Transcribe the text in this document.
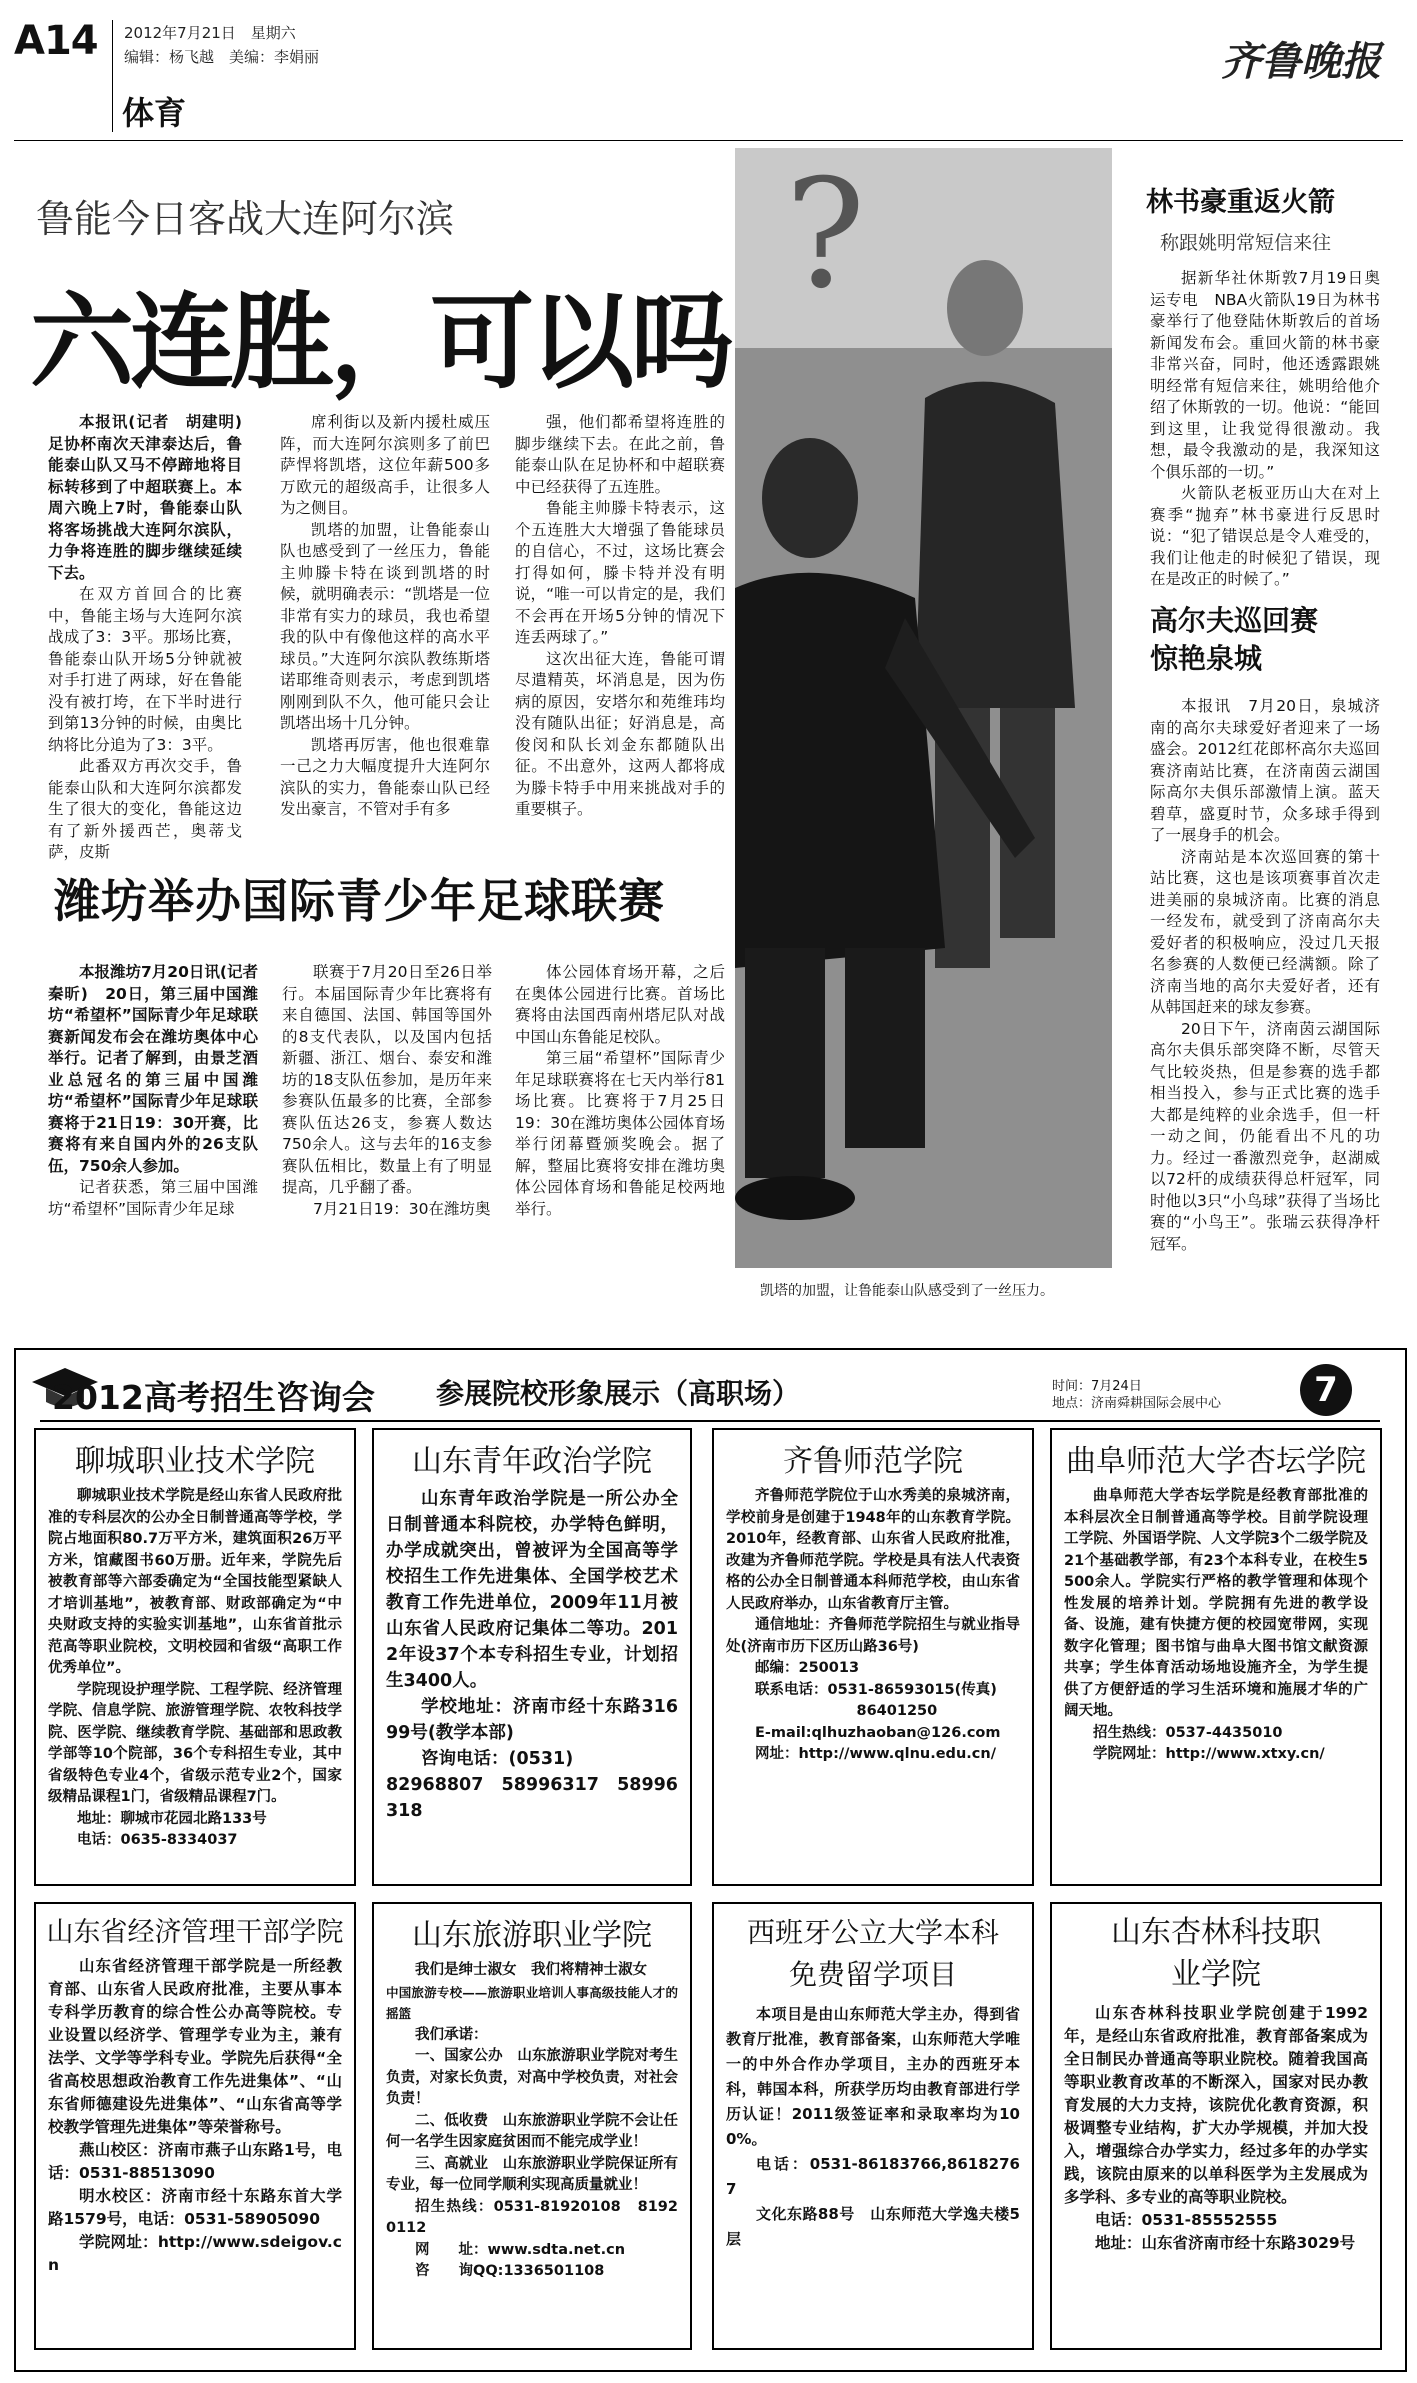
A14 2012年7月21日　星期六
编辑：杨飞越　美编：李娟丽
体育
齐鲁晚报
凯塔的加盟，让鲁能泰山队感受到了一丝压力。
鲁能今日客战大连阿尔滨
六连胜，可以吗
?

本报讯(记者　胡建明)　足协杯南次天津泰达后，鲁能泰山队又马不停蹄地将目标转移到了中超联赛上。本周六晚上7时，鲁能泰山队将客场挑战大连阿尔滨队，力争将连胜的脚步继续延续下去。

在双方首回合的比赛中，鲁能主场与大连阿尔滨战成了3：3平。那场比赛，鲁能泰山队开场5分钟就被对手打进了两球，好在鲁能没有被打垮，在下半时进行到第13分钟的时候，由奥比纳将比分追为了3：3平。

此番双方再次交手，鲁能泰山队和大连阿尔滨都发生了很大的变化，鲁能这边有了新外援西芒，奥蒂戈萨，皮斯

席利街以及新内援杜威压阵，而大连阿尔滨则多了前巴萨悍将凯塔，这位年薪500多万欧元的超级高手，让很多人为之侧目。

凯塔的加盟，让鲁能泰山队也感受到了一丝压力，鲁能主帅滕卡特在谈到凯塔的时候，就明确表示：“凯塔是一位非常有实力的球员，我也希望我的队中有像他这样的高水平球员。”大连阿尔滨队教练斯塔诺耶维奇则表示，考虑到凯塔刚刚到队不久，他可能只会让凯塔出场十几分钟。

凯塔再厉害，他也很难靠一己之力大幅度提升大连阿尔滨队的实力，鲁能泰山队已经发出豪言，不管对手有多

强，他们都希望将连胜的脚步继续下去。在此之前，鲁能泰山队在足协杯和中超联赛中已经获得了五连胜。

鲁能主帅滕卡特表示，这个五连胜大大增强了鲁能球员的自信心，不过，这场比赛会打得如何，滕卡特并没有明说，“唯一可以肯定的是，我们不会再在开场5分钟的情况下连丢两球了。”

这次出征大连，鲁能可谓尽遣精英，坏消息是，因为伤病的原因，安塔尔和苑维玮均没有随队出征；好消息是，高俊闵和队长刘金东都随队出征。不出意外，这两人都将成为滕卡特手中用来挑战对手的重要棋子。

潍坊举办国际青少年足球联赛

本报潍坊7月20日讯(记者　秦昕)　20日，第三届中国潍坊“希望杯”国际青少年足球联赛新闻发布会在潍坊奥体中心举行。记者了解到，由景芝酒业总冠名的第三届中国潍坊“希望杯”国际青少年足球联赛将于21日19：30开赛，比赛将有来自国内外的26支队伍，750余人参加。

记者获悉，第三届中国潍坊“希望杯”国际青少年足球

联赛于7月20日至26日举行。本届国际青少年比赛将有来自德国、法国、韩国等国外的8支代表队，以及国内包括新疆、浙江、烟台、泰安和潍坊的18支队伍参加，是历年来参赛队伍最多的比赛，全部参赛队伍达26支，参赛人数达750余人。这与去年的16支参赛队伍相比，数量上有了明显提高，几乎翻了番。

7月21日19：30在潍坊奥

体公园体育场开幕，之后在奥体公园进行比赛。首场比赛将由法国西南州塔尼队对战中国山东鲁能足校队。

第三届“希望杯”国际青少年足球联赛将在七天内举行81场比赛。比赛将于7月25日19：30在潍坊奥体公园体育场举行闭幕暨颁奖晚会。据了解，整届比赛将安排在潍坊奥体公园体育场和鲁能足校两地举行。

林书豪重返火箭
称跟姚明常短信来往

据新华社休斯敦7月19日奥运专电　NBA火箭队19日为林书豪举行了他登陆休斯敦后的首场新闻发布会。重回火箭的林书豪非常兴奋，同时，他还透露跟姚明经常有短信来往，姚明给他介绍了休斯敦的一切。他说：“能回到这里，让我觉得很激动。我想，最令我激动的是，我深知这个俱乐部的一切。”

火箭队老板亚历山大在对上赛季“抛弃”林书豪进行反思时说：“犯了错误总是令人难受的，我们让他走的时候犯了错误，现在是改正的时候了。”

高尔夫巡回赛惊艳泉城

本报讯　7月20日，泉城济南的高尔夫球爱好者迎来了一场盛会。2012红花郎杯高尔夫巡回赛济南站比赛，在济南茵云湖国际高尔夫俱乐部激情上演。蓝天碧草，盛夏时节，众多球手得到了一展身手的机会。

济南站是本次巡回赛的第十站比赛，这也是该项赛事首次走进美丽的泉城济南。比赛的消息一经发布，就受到了济南高尔夫爱好者的积极响应，没过几天报名参赛的人数便已经满额。除了济南当地的高尔夫爱好者，还有从韩国赶来的球友参赛。

20日下午，济南茵云湖国际高尔夫俱乐部突降不断，尽管天气比较炎热，但是参赛的选手都相当投入，参与正式比赛的选手大都是纯粹的业余选手，但一杆一动之间，仍能看出不凡的功力。经过一番激烈竞争，赵湖威以72杆的成绩获得总杆冠军，同时他以3只“小鸟球”获得了当场比赛的“小鸟王”。张瑞云获得净杆冠军。

2012高考招生咨询会 参展院校形象展示（高职场）	时间：7月24日
地点：济南舜耕国际会展中心	7
聊城职业技术学院

聊城职业技术学院是经山东省人民政府批准的专科层次的公办全日制普通高等学校，学院占地面积80.7万平方米，建筑面积26万平方米，馆藏图书60万册。近年来，学院先后被教育部等六部委确定为“全国技能型紧缺人才培训基地”，被教育部、财政部确定为“中央财政支持的实验实训基地”，山东省首批示范高等职业院校，文明校园和省级“高职工作优秀单位”。

学院现设护理学院、工程学院、经济管理学院、信息学院、旅游管理学院、农牧科技学院、医学院、继续教育学院、基础部和思政教学部等10个院部，36个专科招生专业，其中省级特色专业4个，省级示范专业2个，国家级精品课程1门，省级精品课程7门。

地址：聊城市花园北路133号

电话：0635-8334037

山东青年政治学院

山东青年政治学院是一所公办全日制普通本科院校，办学特色鲜明，办学成就突出，曾被评为全国高等学校招生工作先进集体、全国学校艺术教育工作先进单位，2009年11月被山东省人民政府记集体二等功。2012年设37个本专科招生专业，计划招生3400人。

学校地址：济南市经十东路31699号(教学本部)

咨询电话：(0531)

82968807　58996317　58996318

齐鲁师范学院

齐鲁师范学院位于山水秀美的泉城济南，学校前身是创建于1948年的山东教育学院。2010年，经教育部、山东省人民政府批准，改建为齐鲁师范学院。学校是具有法人代表资格的公办全日制普通本科师范学校，由山东省人民政府举办，山东省教育厅主管。

通信地址：齐鲁师范学院招生与就业指导处(济南市历下区历山路36号)

邮编：250013

联系电话：0531-86593015(传真)

86401250

E-mail:qlhuzhaoban@126.com

网址：http://www.qlnu.edu.cn/

曲阜师范大学杏坛学院

曲阜师范大学杏坛学院是经教育部批准的本科层次全日制普通高等学校。目前学院设理工学院、外国语学院、人文学院3个二级学院及21个基础教学部，有23个本科专业，在校生5500余人。学院实行严格的教学管理和体现个性发展的培养计划。学院拥有先进的教学设备、设施，建有快捷方便的校园宽带网，实现数字化管理；图书馆与曲阜大图书馆文献资源共享；学生体育活动场地设施齐全，为学生提供了方便舒适的学习生活环境和施展才华的广阔天地。

招生热线：0537-4435010

学院网址：http://www.xtxy.cn/

山东省经济管理干部学院

山东省经济管理干部学院是一所经教育部、山东省人民政府批准，主要从事本专科学历教育的综合性公办高等院校。专业设置以经济学、管理学专业为主，兼有法学、文学等学科专业。学院先后获得“全省高校思想政治教育工作先进集体”、“山东省师德建设先进集体”、“山东省高等学校教学管理先进集体”等荣誉称号。

燕山校区：济南市燕子山东路1号，电话：0531-88513090

明水校区：济南市经十东路东首大学路1579号，电话：0531-58905090

学院网址：http://www.sdeigov.cn

山东旅游职业学院

我们是绅士淑女　我们将精神士淑女

中国旅游专校——旅游职业培训人事高级技能人才的摇篮

我们承诺：

一、国家公办　山东旅游职业学院对考生负责，对家长负责，对高中学校负责，对社会负责！

二、低收费　山东旅游职业学院不会让任何一名学生因家庭贫困而不能完成学业！

三、高就业　山东旅游职业学院保证所有专业，每一位同学顺利实现高质量就业！

招生热线：0531-81920108　81920112

网　　址：www.sdta.net.cn

咨　　询QQ:1336501108

西班牙公立大学本科免费留学项目

本项目是由山东师范大学主办，得到省教育厅批准，教育部备案，山东师范大学唯一的中外合作办学项目，主办的西班牙本科，韩国本科，所获学历均由教育部进行学历认证！2011级签证率和录取率均为100%。

电话：0531-86183766,86182767

文化东路88号　山东师范大学逸夫楼5层

山东杏林科技职业学院

山东杏林科技职业学院创建于1992年，是经山东省政府批准，教育部备案成为全日制民办普通高等职业院校。随着我国高等职业教育改革的不断深入，国家对民办教育发展的大力支持，该院优化教育资源，积极调整专业结构，扩大办学规模，并加大投入，增强综合办学实力，经过多年的办学实践，该院由原来的以单科医学为主发展成为多学科、多专业的高等职业院校。

电话：0531-85552555

地址：山东省济南市经十东路3029号
